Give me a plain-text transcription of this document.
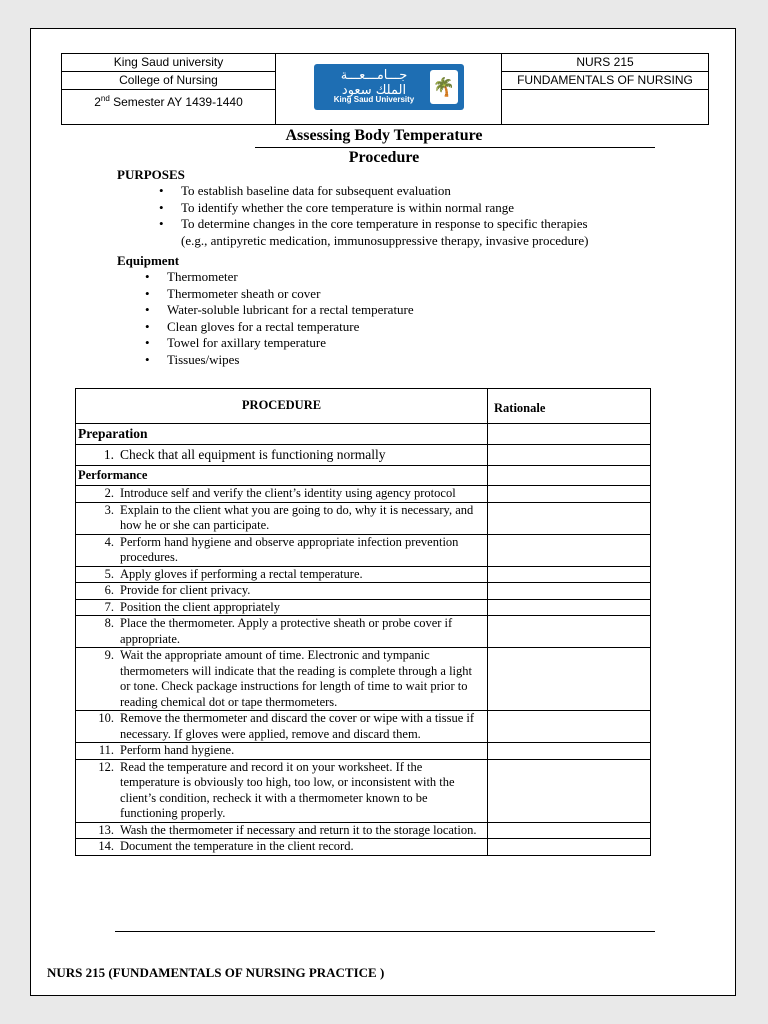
King Saud university
College of Nursing
2nd Semester AY 1439-1440
جـــامـــعـــة
الملك سعود
King Saud University
🌴
NURS 215
FUNDAMENTALS OF NURSING
Assessing Body Temperature
Procedure
PURPOSES
• To establish baseline data for subsequent evaluation
• To identify whether the core temperature is within normal range
• To determine changes in the core temperature in response to specific therapies
(e.g., antipyretic medication, immunosuppressive therapy, invasive procedure)
Equipment
• Thermometer
• Thermometer sheath or cover
• Water-soluble lubricant for a rectal temperature
• Clean gloves for a rectal temperature
• Towel for axillary temperature
• Tissues/wipes
PROCEDURE	Rationale
Preparation	
1. Check that all equipment is functioning normally	
Performance	
2. Introduce self and verify the client’s identity using agency protocol	
3. Explain to the client what you are going to do, why it is necessary, and how he or she can participate.	
4. Perform hand hygiene and observe appropriate infection prevention procedures.	
5. Apply gloves if performing a rectal temperature.	
6. Provide for client privacy.	
7. Position the client appropriately	
8. Place the thermometer. Apply a protective sheath or probe cover if appropriate.	
9. Wait the appropriate amount of time. Electronic and tympanic thermometers will indicate that the reading is complete through a light or tone. Check package instructions for length of time to wait prior to reading chemical dot or tape thermometers.	
10. Remove the thermometer and discard the cover or wipe with a tissue if necessary. If gloves were applied, remove and discard them.	
11. Perform hand hygiene.	
12. Read the temperature and record it on your worksheet. If the temperature is obviously too high, too low, or inconsistent with the client’s condition, recheck it with a thermometer known to be functioning properly.	
13. Wash the thermometer if necessary and return it to the storage location.	
14. Document the temperature in the client record.	
NURS 215 (FUNDAMENTALS OF NURSING PRACTICE )
